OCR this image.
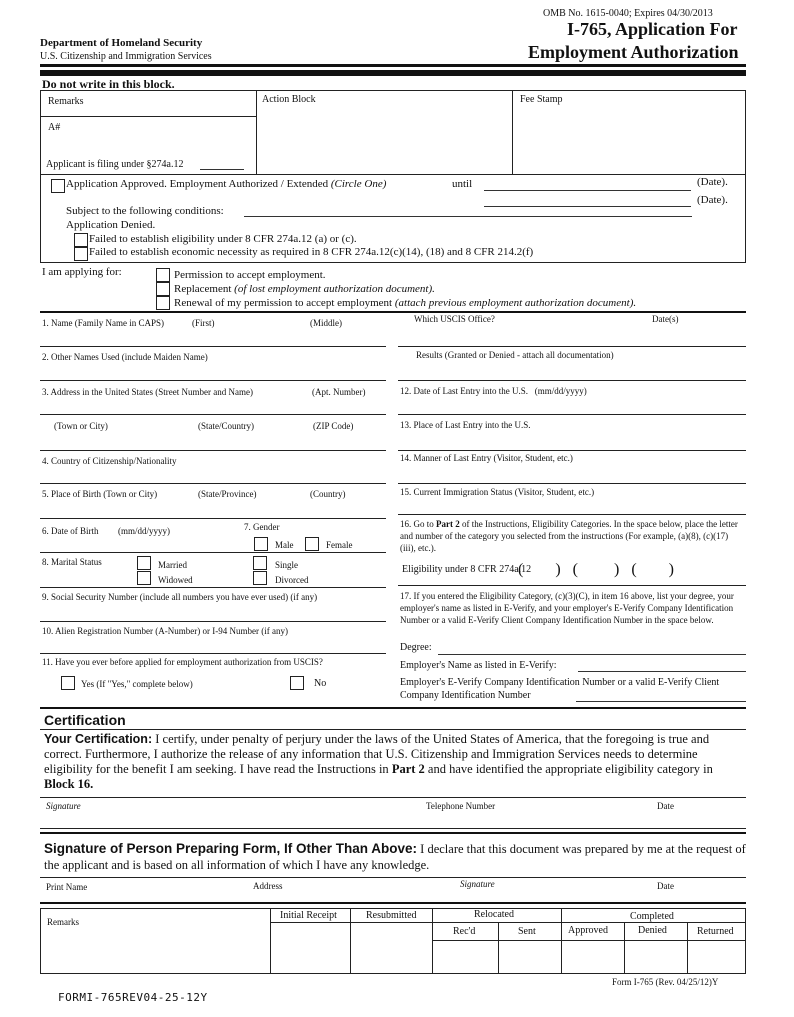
OMB No. 1615-0040; Expires 04/30/2013
Department of Homeland Security
U.S. Citizenship and Immigration Services
I-765, Application For
Employment Authorization
Do not write in this block.
Remarks	Action Block	Fee Stamp
A#
Applicant is filing under §274a.12
Application Approved. Employment Authorized / Extended (Circle One)	until	(Date).
(Date).
Subject to the following conditions:
Application Denied.
Failed to establish eligibility under 8 CFR 274a.12 (a) or (c).
Failed to establish economic necessity as required in 8 CFR 274a.12(c)(14), (18) and 8 CFR 214.2(f)
I am applying for:	Permission to accept employment.
Replacement (of lost employment authorization document).
Renewal of my permission to accept employment (attach previous employment authorization document).
1. Name (Family Name in CAPS)	(First)	(Middle)
2. Other Names Used (include Maiden Name)
3. Address in the United States (Street Number and Name)	(Apt. Number)
(Town or City)	(State/Country)	(ZIP Code)
4. Country of Citizenship/Nationality
5. Place of Birth (Town or City)	(State/Province)	(Country)
6. Date of Birth (mm/dd/yyyy)	7. Gender
Male	Female
8. Marital Status	Married	Single
Widowed	Divorced
9. Social Security Number (include all numbers you have ever used) (if any)
10. Alien Registration Number (A-Number) or I-94 Number (if any)
11. Have you ever before applied for employment authorization from USCIS?
Yes (If "Yes," complete below)	No
Which USCIS Office?	Date(s)
Results (Granted or Denied - attach all documentation)
12. Date of Last Entry into the U.S. (mm/dd/yyyy)
13. Place of Last Entry into the U.S.
14. Manner of Last Entry (Visitor, Student, etc.)
15. Current Immigration Status (Visitor, Student, etc.)
16. Go to Part 2 of the Instructions, Eligibility Categories. In the space below, place the letter and number of the category you selected from the instructions (For example, (a)(8), (c)(17)(iii), etc.).
Eligibility under 8 CFR 274a.12
(        )   (         )   (        )
17. If you entered the Eligibility Category, (c)(3)(C), in item 16 above, list your degree, your employer's name as listed in E-Verify, and your employer's E-Verify Company Identification Number or a valid E-Verify Client Company Identification Number in the space below.
Degree:
Employer's Name as listed in E-Verify:
Employer's E-Verify Company Identification Number or a valid E-Verify Client Company Identification Number
Certification
Your Certification: I certify, under penalty of perjury under the laws of the United States of America, that the foregoing is true and correct. Furthermore, I authorize the release of any information that U.S. Citizenship and Immigration Services needs to determine eligibility for the benefit I am seeking. I have read the Instructions in Part 2 and have identified the appropriate eligibility category in Block 16.
Signature	Telephone Number	Date
Signature of Person Preparing Form, If Other Than Above: I declare that this document was prepared by me at the request of the applicant and is based on all information of which I have any knowledge.
Print Name	Address	Signature	Date
Remarks
Initial Receipt	Resubmitted	Relocated	Completed
Rec'd	Sent	Approved	Denied	Returned
Form I-765 (Rev. 04/25/12)Y
FORMI-765REV04-25-12Y
